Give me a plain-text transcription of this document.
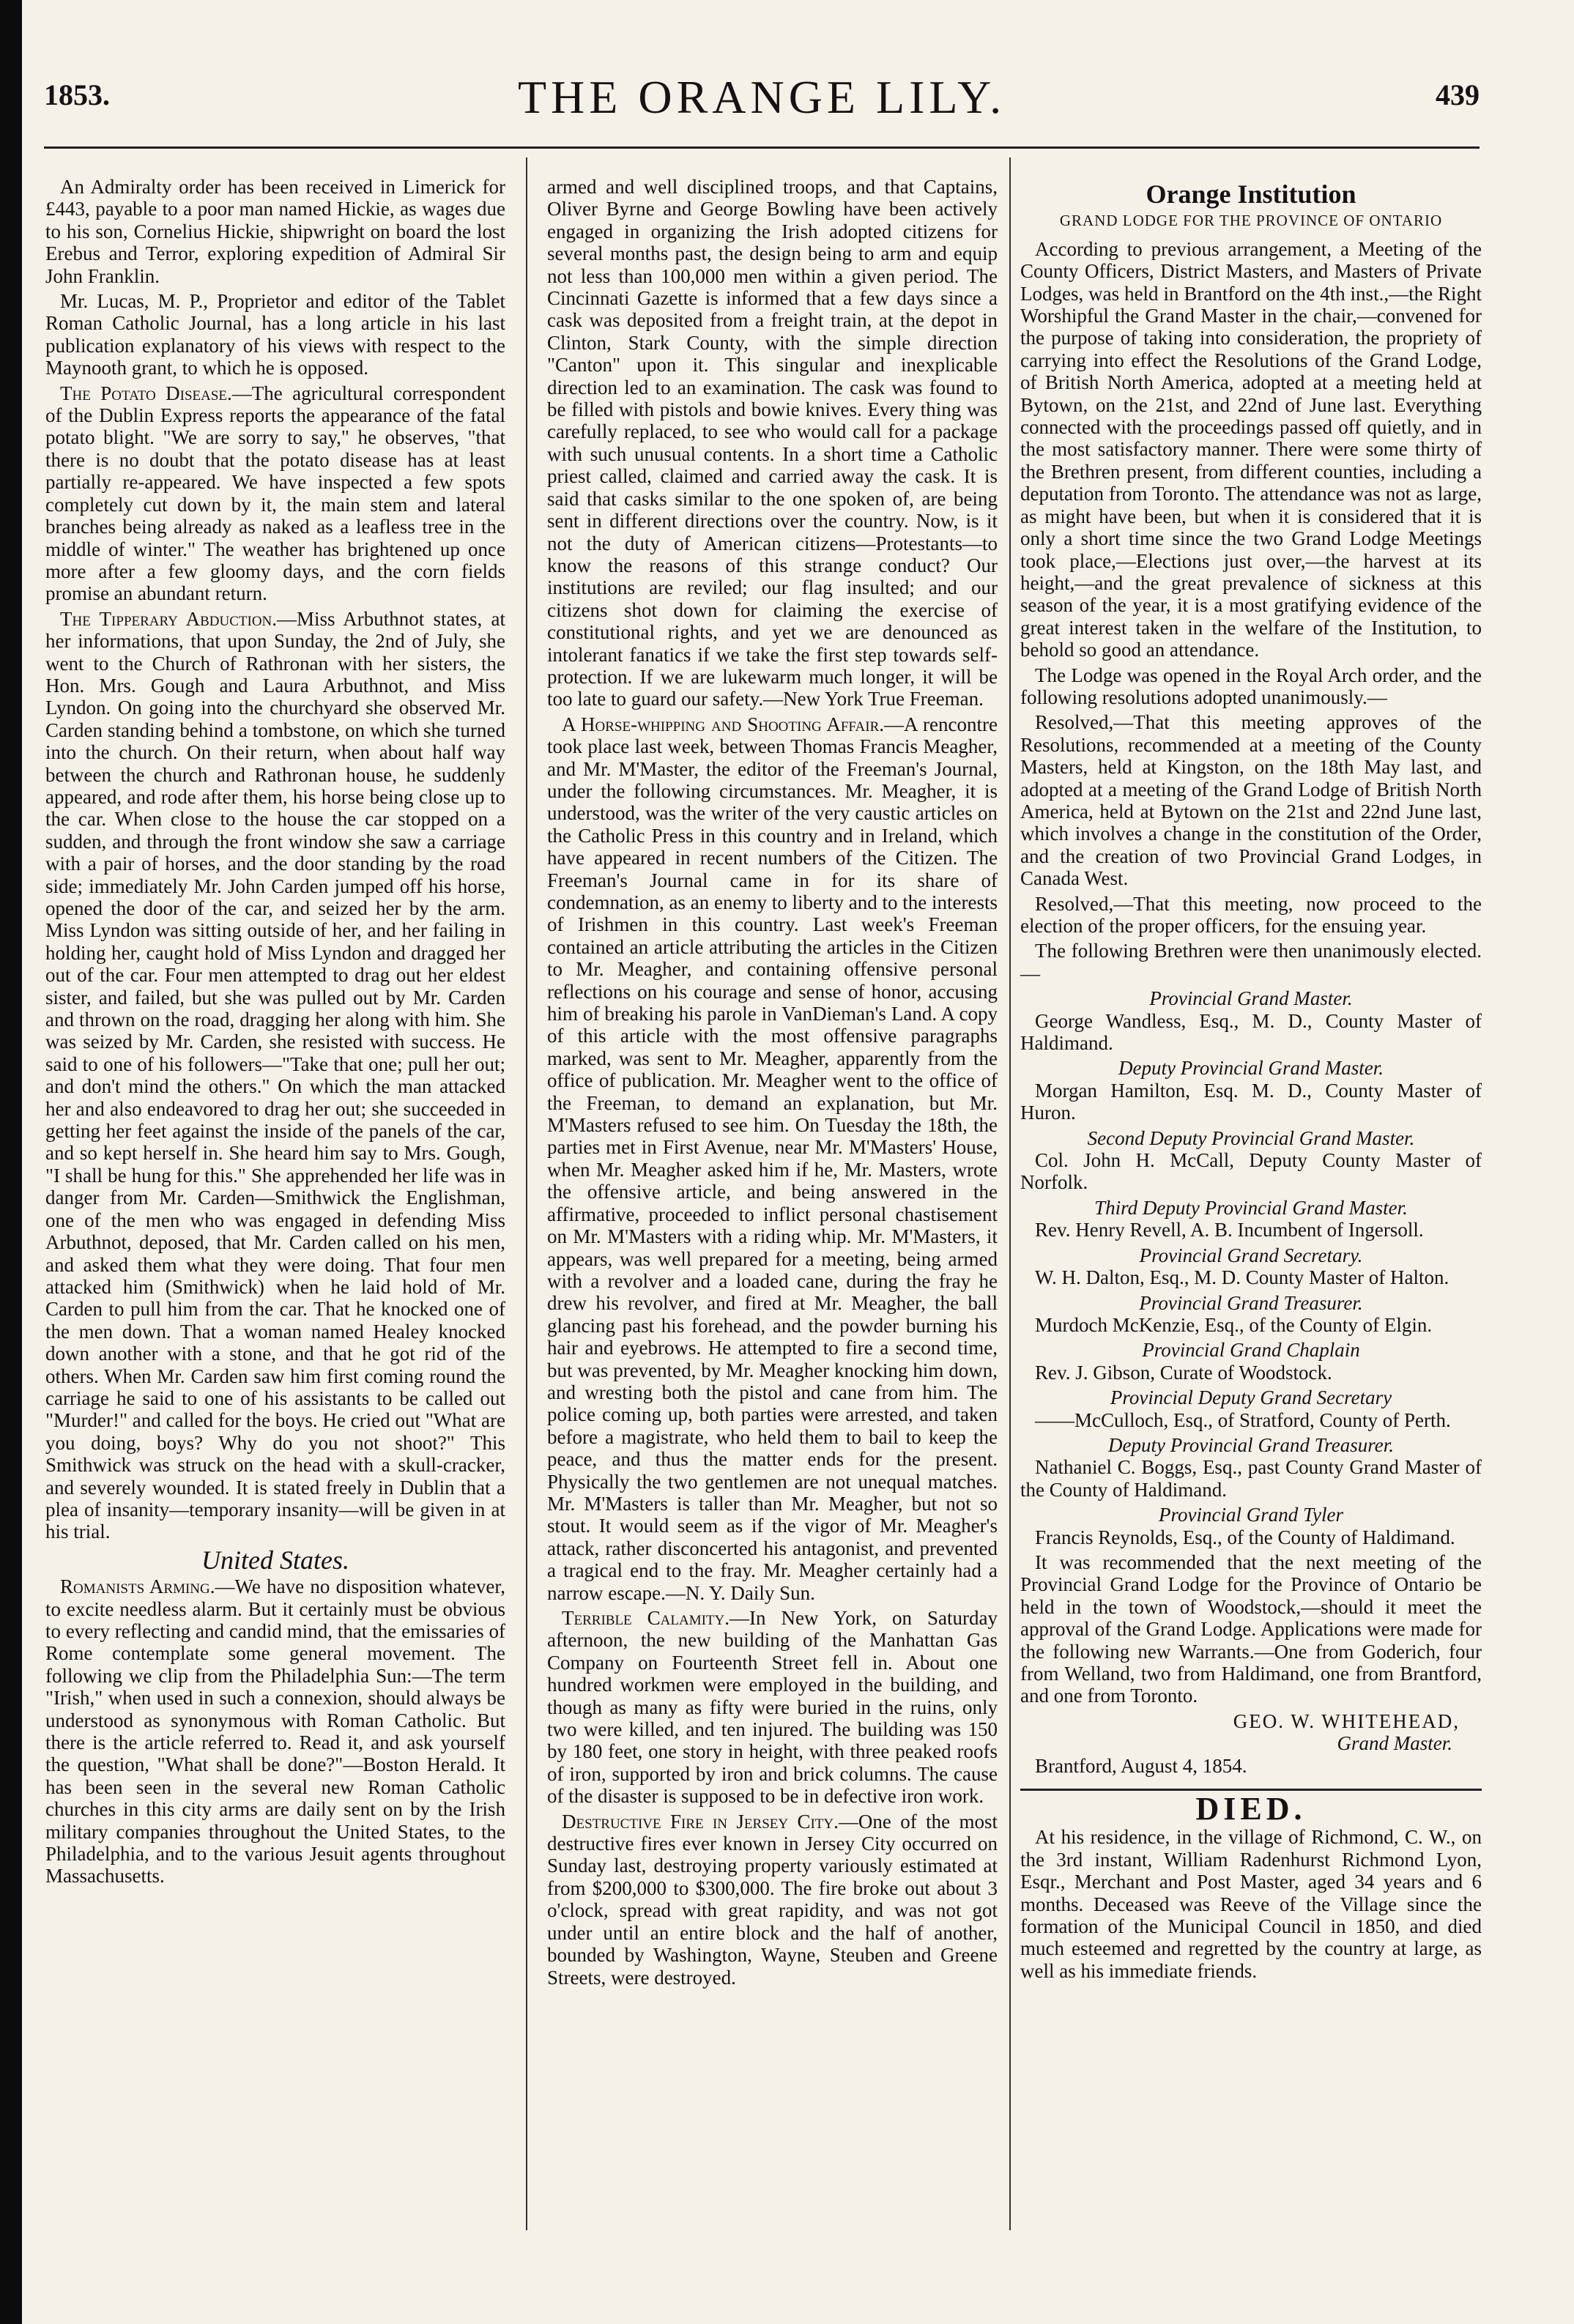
1853.	THE ORANGE LILY.	439

An Admiralty order has been received in Limerick for £443, payable to a poor man named Hickie, as wages due to his son, Cornelius Hickie, shipwright on board the lost Erebus and Terror, exploring expedition of Admiral Sir John Franklin.

Mr. Lucas, M. P., Proprietor and editor of the Tablet Roman Catholic Journal, has a long article in his last publication explanatory of his views with respect to the Maynooth grant, to which he is opposed.

The Potato Disease.—The agricultural correspondent of the Dublin Express reports the appearance of the fatal potato blight. "We are sorry to say," he observes, "that there is no doubt that the potato disease has at least partially re-appeared. We have inspected a few spots completely cut down by it, the main stem and lateral branches being already as naked as a leafless tree in the middle of winter." The weather has brightened up once more after a few gloomy days, and the corn fields promise an abundant return.

The Tipperary Abduction.—Miss Arbuthnot states, at her informations, that upon Sunday, the 2nd of July, she went to the Church of Rathronan with her sisters, the Hon. Mrs. Gough and Laura Arbuthnot, and Miss Lyndon. On going into the churchyard she observed Mr. Carden standing behind a tombstone, on which she turned into the church. On their return, when about half way between the church and Rathronan house, he suddenly appeared, and rode after them, his horse being close up to the car. When close to the house the car stopped on a sudden, and through the front window she saw a carriage with a pair of horses, and the door standing by the road side; immediately Mr. John Carden jumped off his horse, opened the door of the car, and seized her by the arm. Miss Lyndon was sitting outside of her, and her failing in holding her, caught hold of Miss Lyndon and dragged her out of the car. Four men attempted to drag out her eldest sister, and failed, but she was pulled out by Mr. Carden and thrown on the road, dragging her along with him. She was seized by Mr. Carden, she resisted with success. He said to one of his followers—"Take that one; pull her out; and don't mind the others." On which the man attacked her and also endeavored to drag her out; she succeeded in getting her feet against the inside of the panels of the car, and so kept herself in. She heard him say to Mrs. Gough, "I shall be hung for this." She apprehended her life was in danger from Mr. Carden—Smithwick the Englishman, one of the men who was engaged in defending Miss Arbuthnot, deposed, that Mr. Carden called on his men, and asked them what they were doing. That four men attacked him (Smithwick) when he laid hold of Mr. Carden to pull him from the car. That he knocked one of the men down. That a woman named Healey knocked down another with a stone, and that he got rid of the others. When Mr. Carden saw him first coming round the carriage he said to one of his assistants to be called out "Murder!" and called for the boys. He cried out "What are you doing, boys? Why do you not shoot?" This Smithwick was struck on the head with a skull-cracker, and severely wounded. It is stated freely in Dublin that a plea of insanity—temporary insanity—will be given in at his trial.

United States.

Romanists Arming.—We have no disposition whatever, to excite needless alarm. But it certainly must be obvious to every reflecting and candid mind, that the emissaries of Rome contemplate some general movement. The following we clip from the Philadelphia Sun:—The term "Irish," when used in such a connexion, should always be understood as synonymous with Roman Catholic. But there is the article referred to. Read it, and ask yourself the question, "What shall be done?"—Boston Herald. It has been seen in the several new Roman Catholic churches in this city arms are daily sent on by the Irish military companies throughout the United States, to the Philadelphia, and to the various Jesuit agents throughout Massachusetts.

armed and well disciplined troops, and that Captains, Oliver Byrne and George Bowling have been actively engaged in organizing the Irish adopted citizens for several months past, the design being to arm and equip not less than 100,000 men within a given period. The Cincinnati Gazette is informed that a few days since a cask was deposited from a freight train, at the depot in Clinton, Stark County, with the simple direction "Canton" upon it. This singular and inexplicable direction led to an examination. The cask was found to be filled with pistols and bowie knives. Every thing was carefully replaced, to see who would call for a package with such unusual contents. In a short time a Catholic priest called, claimed and carried away the cask. It is said that casks similar to the one spoken of, are being sent in different directions over the country. Now, is it not the duty of American citizens—Protestants—to know the reasons of this strange conduct? Our institutions are reviled; our flag insulted; and our citizens shot down for claiming the exercise of constitutional rights, and yet we are denounced as intolerant fanatics if we take the first step towards self-protection. If we are lukewarm much longer, it will be too late to guard our safety.—New York True Freeman.

A Horse-whipping and Shooting Affair.—A rencontre took place last week, between Thomas Francis Meagher, and Mr. M'Master, the editor of the Freeman's Journal, under the following circumstances. Mr. Meagher, it is understood, was the writer of the very caustic articles on the Catholic Press in this country and in Ireland, which have appeared in recent numbers of the Citizen. The Freeman's Journal came in for its share of condemnation, as an enemy to liberty and to the interests of Irishmen in this country. Last week's Freeman contained an article attributing the articles in the Citizen to Mr. Meagher, and containing offensive personal reflections on his courage and sense of honor, accusing him of breaking his parole in VanDieman's Land. A copy of this article with the most offensive paragraphs marked, was sent to Mr. Meagher, apparently from the office of publication. Mr. Meagher went to the office of the Freeman, to demand an explanation, but Mr. M'Masters refused to see him. On Tuesday the 18th, the parties met in First Avenue, near Mr. M'Masters' House, when Mr. Meagher asked him if he, Mr. Masters, wrote the offensive article, and being answered in the affirmative, proceeded to inflict personal chastisement on Mr. M'Masters with a riding whip. Mr. M'Masters, it appears, was well prepared for a meeting, being armed with a revolver and a loaded cane, during the fray he drew his revolver, and fired at Mr. Meagher, the ball glancing past his forehead, and the powder burning his hair and eyebrows. He attempted to fire a second time, but was prevented, by Mr. Meagher knocking him down, and wresting both the pistol and cane from him. The police coming up, both parties were arrested, and taken before a magistrate, who held them to bail to keep the peace, and thus the matter ends for the present. Physically the two gentlemen are not unequal matches. Mr. M'Masters is taller than Mr. Meagher, but not so stout. It would seem as if the vigor of Mr. Meagher's attack, rather disconcerted his antagonist, and prevented a tragical end to the fray. Mr. Meagher certainly had a narrow escape.—N. Y. Daily Sun.

Terrible Calamity.—In New York, on Saturday afternoon, the new building of the Manhattan Gas Company on Fourteenth Street fell in. About one hundred workmen were employed in the building, and though as many as fifty were buried in the ruins, only two were killed, and ten injured. The building was 150 by 180 feet, one story in height, with three peaked roofs of iron, supported by iron and brick columns. The cause of the disaster is supposed to be in defective iron work.

Destructive Fire in Jersey City.—One of the most destructive fires ever known in Jersey City occurred on Sunday last, destroying property variously estimated at from $200,000 to $300,000. The fire broke out about 3 o'clock, spread with great rapidity, and was not got under until an entire block and the half of another, bounded by Washington, Wayne, Steuben and Greene Streets, were destroyed.

Orange Institution
GRAND LODGE FOR THE PROVINCE OF ONTARIO

According to previous arrangement, a Meeting of the County Officers, District Masters, and Masters of Private Lodges, was held in Brantford on the 4th inst.,—the Right Worshipful the Grand Master in the chair,—convened for the purpose of taking into consideration, the propriety of carrying into effect the Resolutions of the Grand Lodge, of British North America, adopted at a meeting held at Bytown, on the 21st, and 22nd of June last. Everything connected with the proceedings passed off quietly, and in the most satisfactory manner. There were some thirty of the Brethren present, from different counties, including a deputation from Toronto. The attendance was not as large, as might have been, but when it is considered that it is only a short time since the two Grand Lodge Meetings took place,—Elections just over,—the harvest at its height,—and the great prevalence of sickness at this season of the year, it is a most gratifying evidence of the great interest taken in the welfare of the Institution, to behold so good an attendance.

The Lodge was opened in the Royal Arch order, and the following resolutions adopted unanimously.—

Resolved,—That this meeting approves of the Resolutions, recommended at a meeting of the County Masters, held at Kingston, on the 18th May last, and adopted at a meeting of the Grand Lodge of British North America, held at Bytown on the 21st and 22nd June last, which involves a change in the constitution of the Order, and the creation of two Provincial Grand Lodges, in Canada West.

Resolved,—That this meeting, now proceed to the election of the proper officers, for the ensuing year.

The following Brethren were then unanimously elected.—

Provincial Grand Master.

George Wandless, Esq., M. D., County Master of Haldimand.

Deputy Provincial Grand Master.

Morgan Hamilton, Esq. M. D., County Master of Huron.

Second Deputy Provincial Grand Master.

Col. John H. McCall, Deputy County Master of Norfolk.

Third Deputy Provincial Grand Master.

Rev. Henry Revell, A. B. Incumbent of Ingersoll.

Provincial Grand Secretary.

W. H. Dalton, Esq., M. D. County Master of Halton.

Provincial Grand Treasurer.

Murdoch McKenzie, Esq., of the County of Elgin.

Provincial Grand Chaplain

Rev. J. Gibson, Curate of Woodstock.

Provincial Deputy Grand Secretary

——McCulloch, Esq., of Stratford, County of Perth.

Deputy Provincial Grand Treasurer.

Nathaniel C. Boggs, Esq., past County Grand Master of the County of Haldimand.

Provincial Grand Tyler

Francis Reynolds, Esq., of the County of Haldimand.

It was recommended that the next meeting of the Provincial Grand Lodge for the Province of Ontario be held in the town of Woodstock,—should it meet the approval of the Grand Lodge. Applications were made for the following new Warrants.—One from Goderich, four from Welland, two from Haldimand, one from Brantford, and one from Toronto.

GEO. W. WHITEHEAD,
Grand Master.

Brantford, August 4, 1854.

DIED.

At his residence, in the village of Richmond, C. W., on the 3rd instant, William Radenhurst Richmond Lyon, Esqr., Merchant and Post Master, aged 34 years and 6 months. Deceased was Reeve of the Village since the formation of the Municipal Council in 1850, and died much esteemed and regretted by the country at large, as well as his immediate friends.
